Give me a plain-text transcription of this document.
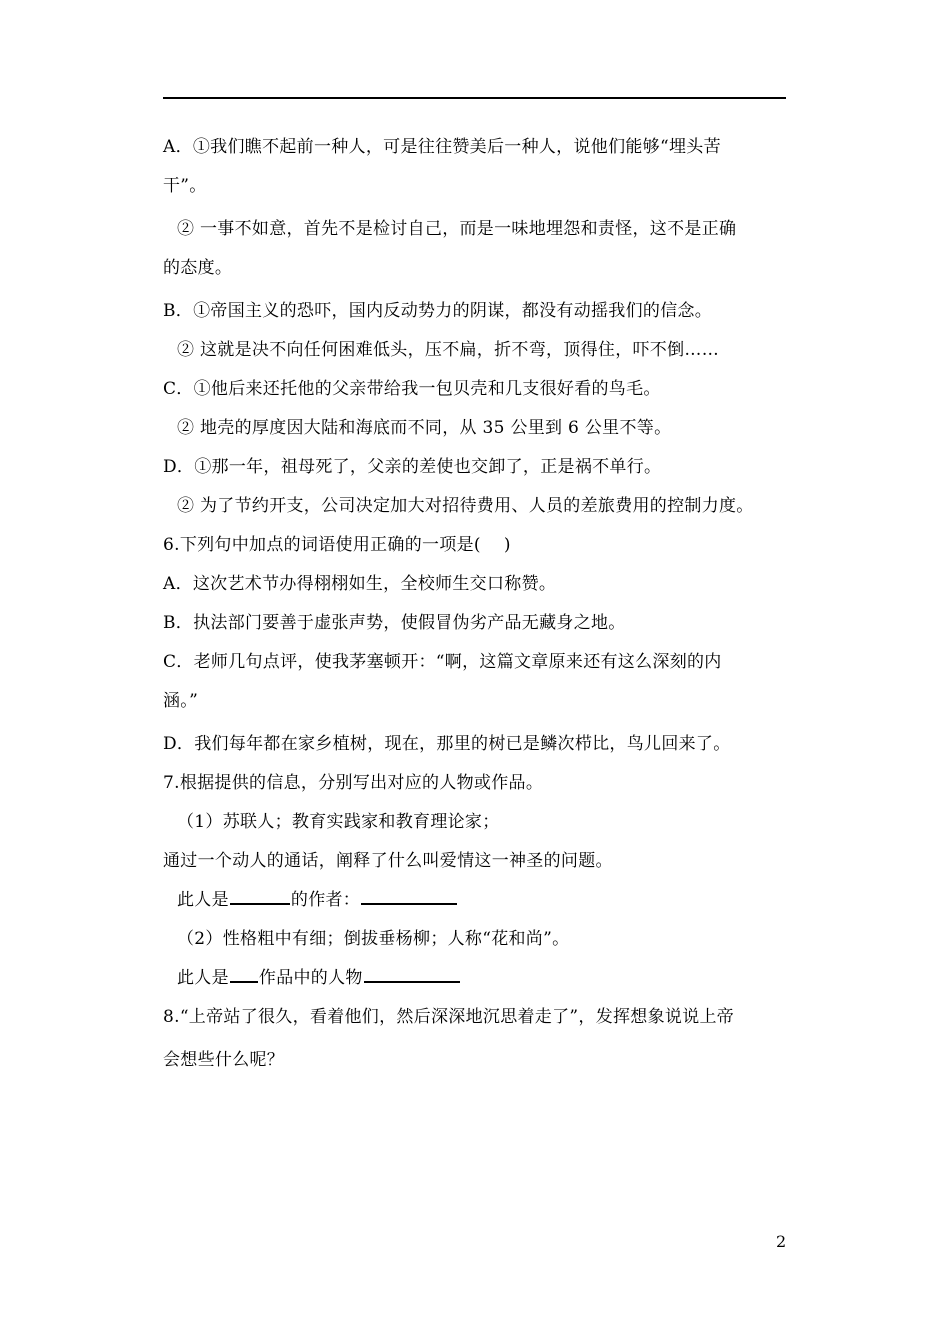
A．①我们瞧不起前一种人，可是往往赞美后一种人，说他们能够“埋头苦
干”。
② 一事不如意，首先不是检讨自己，而是一味地埋怨和责怪，这不是正确
的态度。
B．①帝国主义的恐吓，国内反动势力的阴谋，都没有动摇我们的信念。
② 这就是决不向任何困难低头，压不扁，折不弯，顶得住，吓不倒……
C．①他后来还托他的父亲带给我一包贝壳和几支很好看的鸟毛。
② 地壳的厚度因大陆和海底而不同，从 35 公里到 6 公里不等。
D．①那一年，祖母死了，父亲的差使也交卸了，正是祸不单行。
② 为了节约开支，公司决定加大对招待费用、人员的差旅费用的控制力度。
6.下列句中加点的词语使用正确的一项是(　 )
A．这次艺术节办得栩栩如生，全校师生交口称赞。
B．执法部门要善于虚张声势，使假冒伪劣产品无藏身之地。
C．老师几句点评，使我茅塞顿开：“啊，这篇文章原来还有这么深刻的内
涵。”
D．我们每年都在家乡植树，现在，那里的树已是鳞次栉比，鸟儿回来了。
7.根据提供的信息，分别写出对应的人物或作品。
（1）苏联人；教育实践家和教育理论家；
通过一个动人的通话，阐释了什么叫爱情这一神圣的问题。
此人是	的作者：
（2）性格粗中有细；倒拔垂杨柳；人称“花和尚”。
此人是 作品中的人物
8.“上帝站了很久，看着他们，然后深深地沉思着走了”，发挥想象说说上帝
会想些什么呢？
2
